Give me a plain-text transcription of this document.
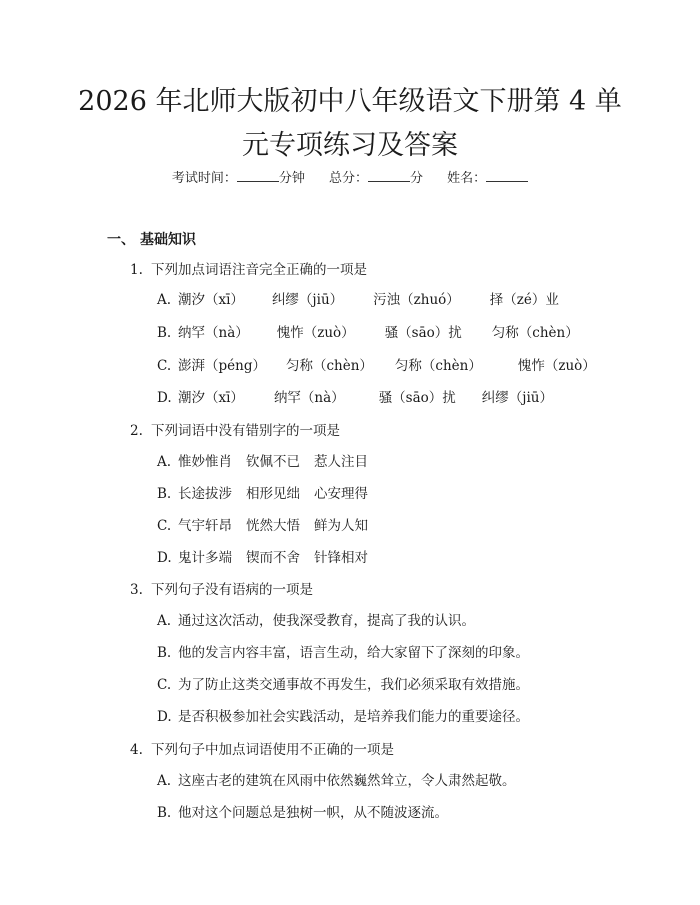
2026 年北师大版初中八年级语文下册第 4 单
元专项练习及答案
考试时间：	分钟 总分：	分 姓名：
一、 基础知识
1. 下列加点词语注音完全正确的一项是
A. 潮汐（xī） 纠缪（jiū） 污浊（zhuó） 择（zé）业
B. 纳罕（nà） 愧怍（zuò） 骚（sāo）扰 匀称（chèn）
C. 澎湃（péng） 匀称（chèn） 匀称（chèn）	愧怍（zuò）
D. 潮汐（xī） 纳罕（nà）	骚（sāo）扰 纠缪（jiū）
2. 下列词语中没有错别字的一项是
A. 惟妙惟肖 钦佩不已 惹人注目
B. 长途拔涉 相形见绌 心安理得
C. 气宇轩昂 恍然大悟 鲜为人知
D. 鬼计多端 锲而不舍 针锋相对
3. 下列句子没有语病的一项是
A. 通过这次活动，使我深受教育，提高了我的认识。
B. 他的发言内容丰富，语言生动，给大家留下了深刻的印象。
C. 为了防止这类交通事故不再发生，我们必须采取有效措施。
D. 是否积极参加社会实践活动，是培养我们能力的重要途径。
4. 下列句子中加点词语使用不正确的一项是
A. 这座古老的建筑在风雨中依然巍然耸立，令人肃然起敬。
B. 他对这个问题总是独树一帜，从不随波逐流。
